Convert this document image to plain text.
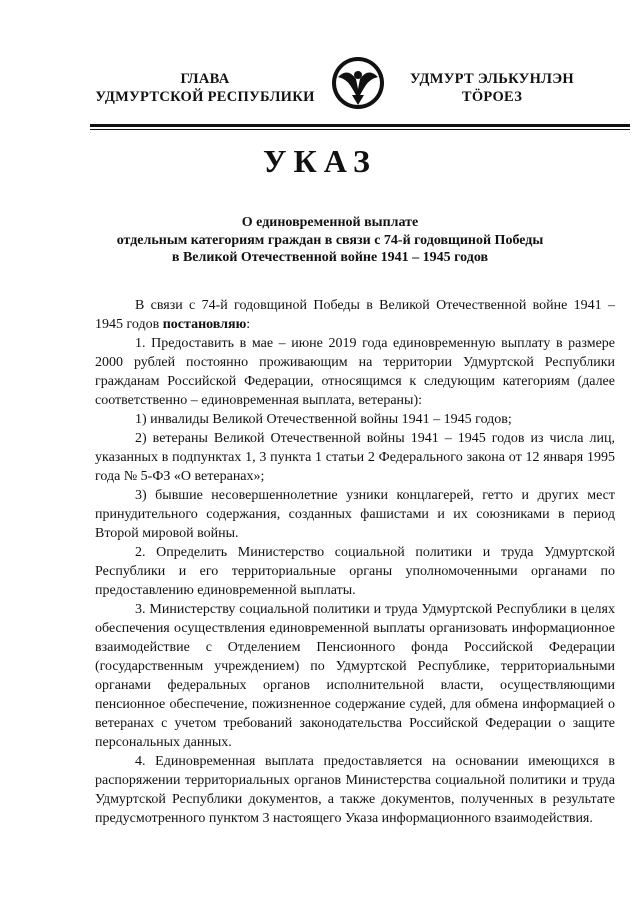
ГЛАВА
УДМУРТСКОЙ РЕСПУБЛИКИ
УДМУРТ ЭЛЬКУНЛЭН
ТӦРОЕЗ
УКАЗ
О единовременной выплате
отдельным категориям граждан в связи с 74-й годовщиной Победы
в Великой Отечественной войне 1941 – 1945 годов

В связи с 74-й годовщиной Победы в Великой Отечественной войне 1941 – 1945 годов постановляю:

1. Предоставить в мае – июне 2019 года единовременную выплату в размере 2000 рублей постоянно проживающим на территории Удмуртской Республики гражданам Российской Федерации, относящимся к следующим категориям (далее соответственно – единовременная выплата, ветераны):

1) инвалиды Великой Отечественной войны 1941 – 1945 годов;

2) ветераны Великой Отечественной войны 1941 – 1945 годов из числа лиц, указанных в подпунктах 1, 3 пункта 1 статьи 2 Федерального закона от 12 января 1995 года № 5-ФЗ «О ветеранах»;

3) бывшие несовершеннолетние узники концлагерей, гетто и других мест принудительного содержания, созданных фашистами и их союзниками в период Второй мировой войны.

2. Определить Министерство социальной политики и труда Удмуртской Республики и его территориальные органы уполномоченными органами по предоставлению единовременной выплаты.

3. Министерству социальной политики и труда Удмуртской Республики в целях обеспечения осуществления единовременной выплаты организовать информационное взаимодействие с Отделением Пенсионного фонда Российской Федерации (государственным учреждением) по Удмуртской Республике, территориальными органами федеральных органов исполнительной власти, осуществляющими пенсионное обеспечение, пожизненное содержание судей, для обмена информацией о ветеранах с учетом требований законодательства Российской Федерации о защите персональных данных.

4. Единовременная выплата предоставляется на основании имеющихся в распоряжении территориальных органов Министерства социальной политики и труда Удмуртской Республики документов, а также документов, полученных в результате предусмотренного пунктом 3 настоящего Указа информационного взаимодействия.
